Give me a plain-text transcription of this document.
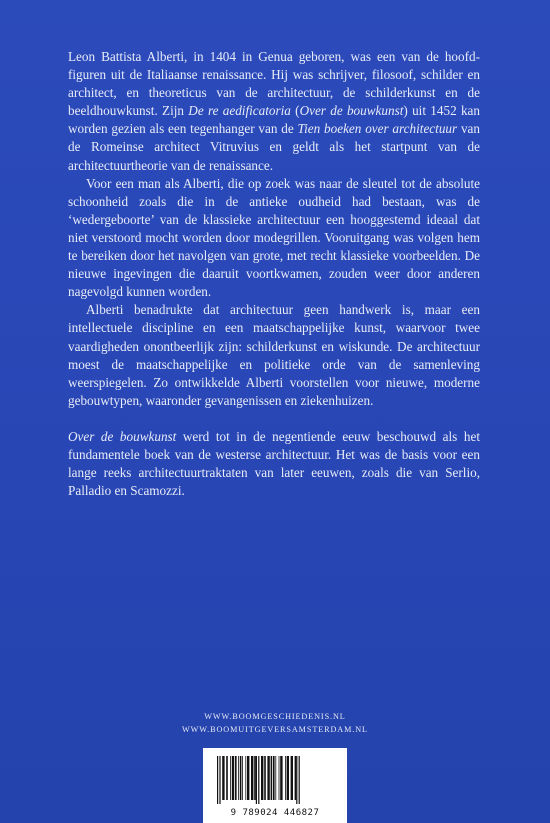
Leon Battista Alberti, in 1404 in Genua geboren, was een van de hoofdfiguren uit de Italiaanse renaissance. Hij was schrijver, filosoof, schilder en architect, en theoreticus van de architectuur, de schilderkunst en de beeldhouwkunst. Zijn De re aedificatoria (Over de bouwkunst) uit 1452 kan worden gezien als een tegenhanger van de Tien boeken over architectuur van de Romeinse architect Vitruvius en geldt als het startpunt van de architectuurtheorie van de renaissance.

Voor een man als Alberti, die op zoek was naar de sleutel tot de absolute schoonheid zoals die in de antieke oudheid had bestaan, was de ‘wedergeboorte’ van de klassieke architectuur een hooggestemd ideaal dat niet verstoord mocht worden door modegrillen. Vooruitgang was volgen hem te bereiken door het navolgen van grote, met recht klassieke voorbeelden. De nieuwe ingevingen die daaruit voortkwamen, zouden weer door anderen nagevolgd kunnen worden.

Alberti benadrukte dat architectuur geen handwerk is, maar een intellectuele discipline en een maatschappelijke kunst, waarvoor twee vaardigheden onontbeerlijk zijn: schilderkunst en wiskunde. De architectuur moest de maatschappelijke en politieke orde van de samenleving weerspiegelen. Zo ontwikkelde Alberti voorstellen voor nieuwe, moderne gebouwtypen, waaronder gevangenissen en ziekenhuizen.

Over de bouwkunst werd tot in de negentiende eeuw beschouwd als het fundamentele boek van de westerse architectuur. Het was de basis voor een lange reeks architectuurtraktaten van later eeuwen, zoals die van Serlio, Palladio en Scamozzi.

WWW.BOOMGESCHIEDENIS.NL
WWW.BOOMUITGEVERSAMSTERDAM.NL
9 789024 446827
